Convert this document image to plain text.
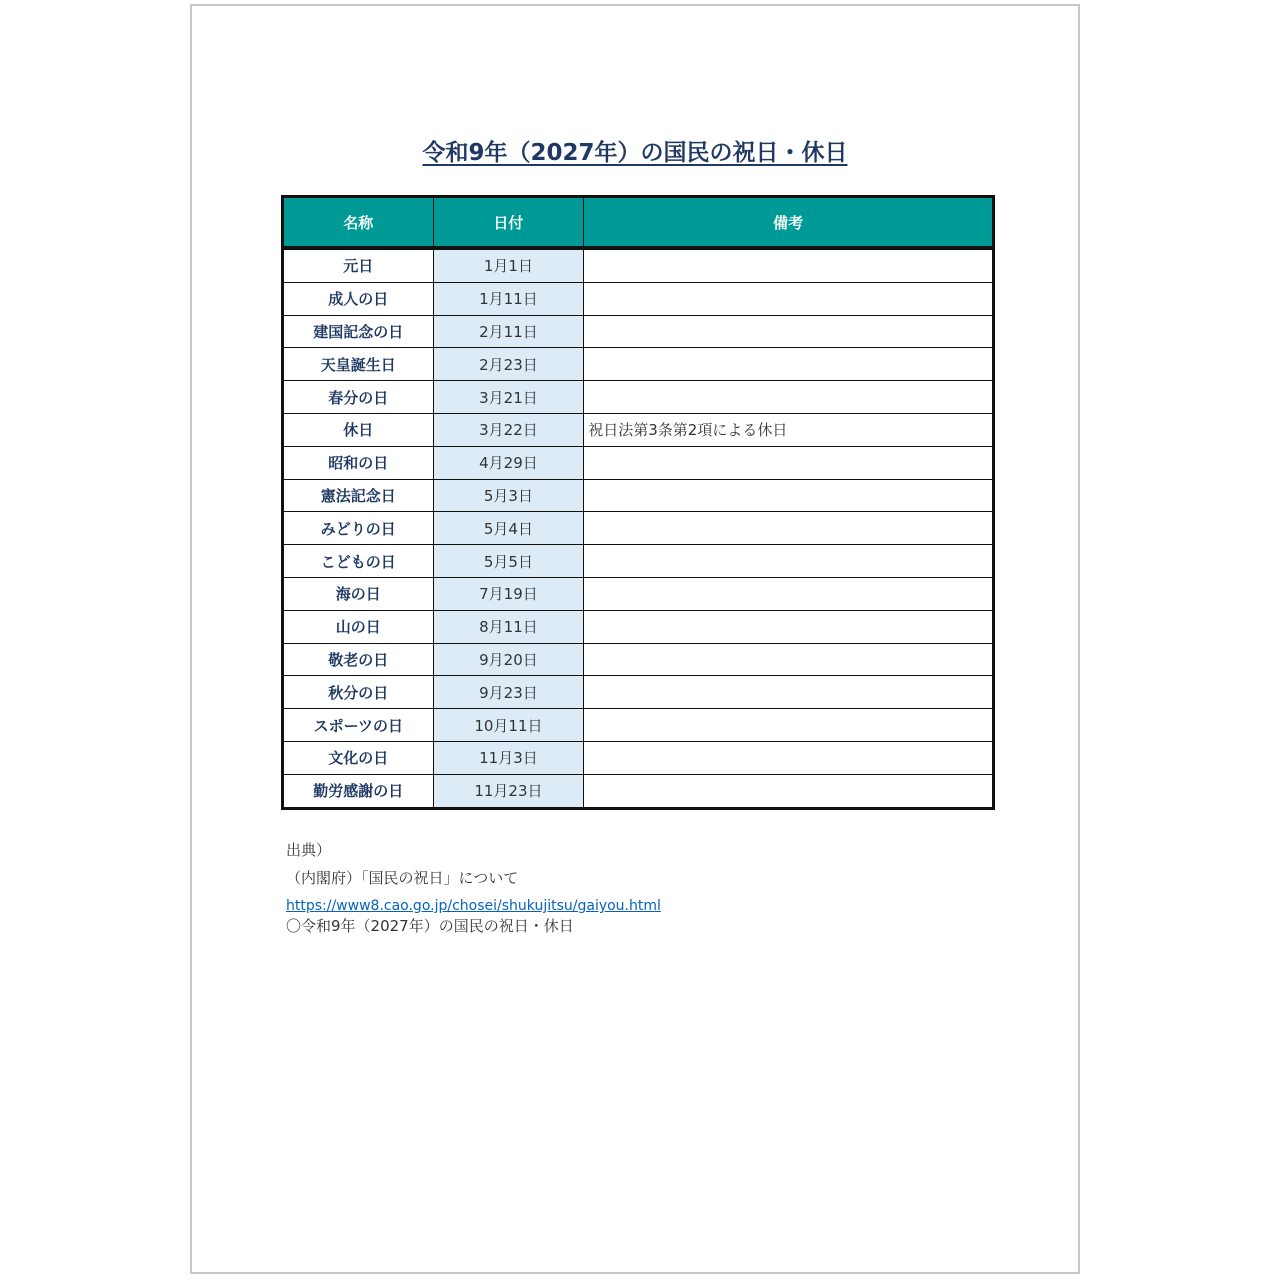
令和9年（2027年）の国民の祝日・休日
名称	日付	備考
元日	1月1日	
成人の日	1月11日	
建国記念の日	2月11日	
天皇誕生日	2月23日	
春分の日	3月21日	
休日	3月22日	祝日法第3条第2項による休日
昭和の日	4月29日	
憲法記念日	5月3日	
みどりの日	5月4日	
こどもの日	5月5日	
海の日	7月19日	
山の日	8月11日	
敬老の日	9月20日	
秋分の日	9月23日	
スポーツの日	10月11日	
文化の日	11月3日	
勤労感謝の日	11月23日	
出典）
（内閣府）「国民の祝日」について
https://www8.cao.go.jp/chosei/shukujitsu/gaiyou.html
〇令和9年（2027年）の国民の祝日・休日
